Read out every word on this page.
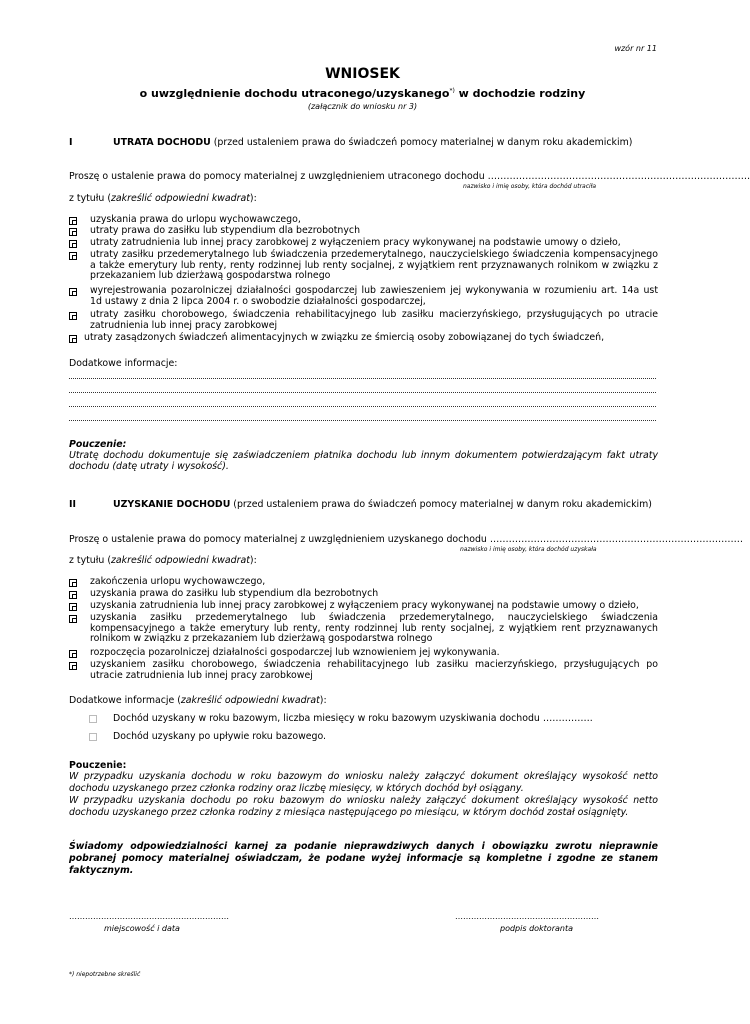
wzór nr 11
WNIOSEK
o uwzględnienie dochodu utraconego/uzyskanego*) w dochodzie rodziny
(załącznik do wniosku nr 3)
I	UTRATA DOCHODU (przed ustaleniem prawa do świadczeń pomocy materialnej w danym roku akademickim)
Proszę o ustalenie prawa do pomocy materialnej z uwzględnieniem utraconego dochodu …………………………………………………………………………
nazwisko i imię osoby, która dochód utraciła
z tytułu (zakreślić odpowiedni kwadrat):
uzyskania prawa do urlopu wychowawczego,
utraty prawa do zasiłku lub stypendium dla bezrobotnych
utraty zatrudnienia lub innej pracy zarobkowej z wyłączeniem pracy wykonywanej na podstawie umowy o dzieło,
utraty zasiłku przedemerytalnego lub świadczenia przedemerytalnego, nauczycielskiego świadczenia kompensacyjnego a także emerytury lub renty, renty rodzinnej lub renty socjalnej, z wyjątkiem rent przyznawanych rolnikom w związku z przekazaniem lub dzierżawą gospodarstwa rolnego
wyrejestrowania pozarolniczej działalności gospodarczej lub zawieszeniem jej wykonywania w rozumieniu art. 14a ust 1d ustawy z dnia 2 lipca 2004 r. o swobodzie działalności gospodarczej,
utraty zasiłku chorobowego, świadczenia rehabilitacyjnego lub zasiłku macierzyńskiego, przysługujących po utracie zatrudnienia lub innej pracy zarobkowej
utraty zasądzonych świadczeń alimentacyjnych w związku ze śmiercią osoby zobowiązanej do tych świadczeń,
Dodatkowe informacje:
Pouczenie:
Utratę dochodu dokumentuje się zaświadczeniem płatnika dochodu lub innym dokumentem potwierdzającym fakt utraty dochodu (datę utraty i wysokość).
II	UZYSKANIE DOCHODU (przed ustaleniem prawa do świadczeń pomocy materialnej w danym roku akademickim)
Proszę o ustalenie prawa do pomocy materialnej z uwzględnieniem uzyskanego dochodu ………………………………………………………………………
nazwisko i imię osoby, która dochód uzyskała
z tytułu (zakreślić odpowiedni kwadrat):
zakończenia urlopu wychowawczego,
uzyskania prawa do zasiłku lub stypendium dla bezrobotnych
uzyskania zatrudnienia lub innej pracy zarobkowej z wyłączeniem pracy wykonywanej na podstawie umowy o dzieło,
uzyskania zasiłku przedemerytalnego lub świadczenia przedemerytalnego, nauczycielskiego świadczenia kompensacyjnego a także emerytury lub renty, renty rodzinnej lub renty socjalnej, z wyjątkiem rent przyznawanych rolnikom w związku z przekazaniem lub dzierżawą gospodarstwa rolnego
rozpoczęcia pozarolniczej działalności gospodarczej lub wznowieniem jej wykonywania.
uzyskaniem zasiłku chorobowego, świadczenia rehabilitacyjnego lub zasiłku macierzyńskiego, przysługujących po utracie zatrudnienia lub innej pracy zarobkowej
Dodatkowe informacje (zakreślić odpowiedni kwadrat):
Dochód uzyskany w roku bazowym, liczba miesięcy w roku bazowym uzyskiwania dochodu …………….
Dochód uzyskany po upływie roku bazowego.
Pouczenie:
W przypadku uzyskania dochodu w roku bazowym do wniosku należy załączyć dokument określający wysokość netto dochodu uzyskanego przez członka rodziny oraz liczbę miesięcy, w których dochód był osiągany.
W przypadku uzyskania dochodu po roku bazowym do wniosku należy załączyć dokument określający wysokość netto dochodu uzyskanego przez członka rodziny z miesiąca następującego po miesiącu, w którym dochód został osiągnięty.
Świadomy odpowiedzialności karnej za podanie nieprawdziwych danych i obowiązku zwrotu nieprawnie pobranej pomocy materialnej oświadczam, że podane wyżej informacje są kompletne i zgodne ze stanem faktycznym.
……………………………………………………
miejscowość i data
………………………………………………
podpis doktoranta
*) niepotrzebne skreślić
